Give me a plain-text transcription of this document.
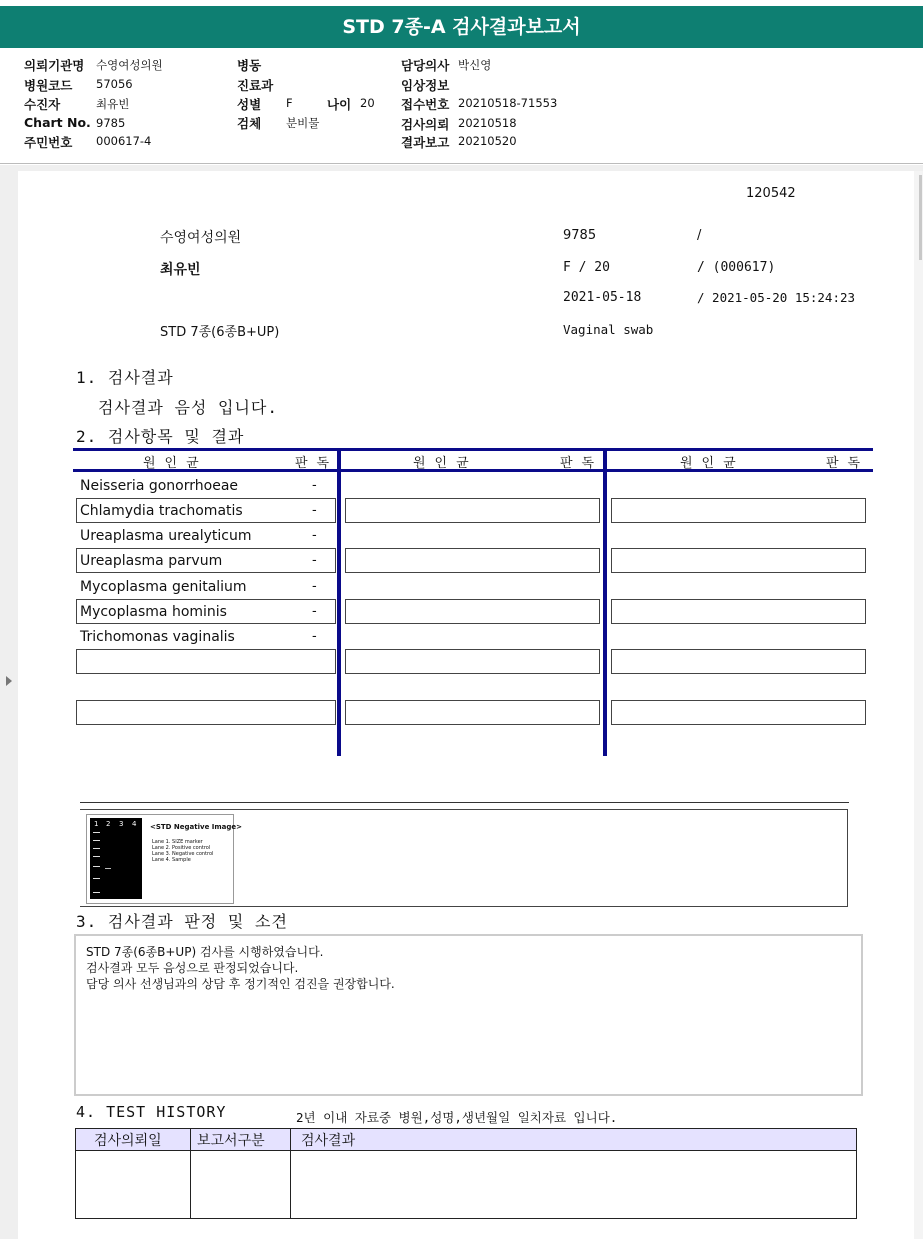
STD 7종-A 검사결과보고서
의뢰기관명 수영여성의원
병원코드 57056
수진자	최유빈
Chart No. 9785
주민번호 000617-4
병동
진료과
성별 F	나이 20
검체 분비물
담당의사 박신영
임상정보
접수번호 20210518-71553
검사의뢰 20210518
결과보고 20210520
120542
수영여성의원	9785	/
최유빈	F / 20	/ (000617)
2021-05-18	/ 2021-05-20 15:24:23
STD 7종(6종B+UP)	Vaginal swab
1. 검사결과
검사결과 음성 입니다.
2. 검사항목 및 결과
원인균	판독	원인균	판독	원인균	판독
Neisseria gonorrhoeae	-
Chlamydia trachomatis	-
Ureaplasma urealyticum	-
Ureaplasma parvum	-
Mycoplasma genitalium	-
Mycoplasma hominis	-
Trichomonas vaginalis	-
1 2 3 4 <STD Negative Image>
Lane 1. SIZE marker
Lane 2. Positive control
Lane 3. Negative control
Lane 4. Sample
3. 검사결과 판정 및 소견
STD 7종(6종B+UP) 검사를 시행하였습니다.
검사결과 모두 음성으로 판정되었습니다.
담당 의사 선생님과의 상담 후 정기적인 검진을 권장합니다.
4. TEST HISTORY	2년 이내 자료중 병원,성명,생년월일 일치자료 입니다.
검사의뢰일	보고서구분	검사결과
